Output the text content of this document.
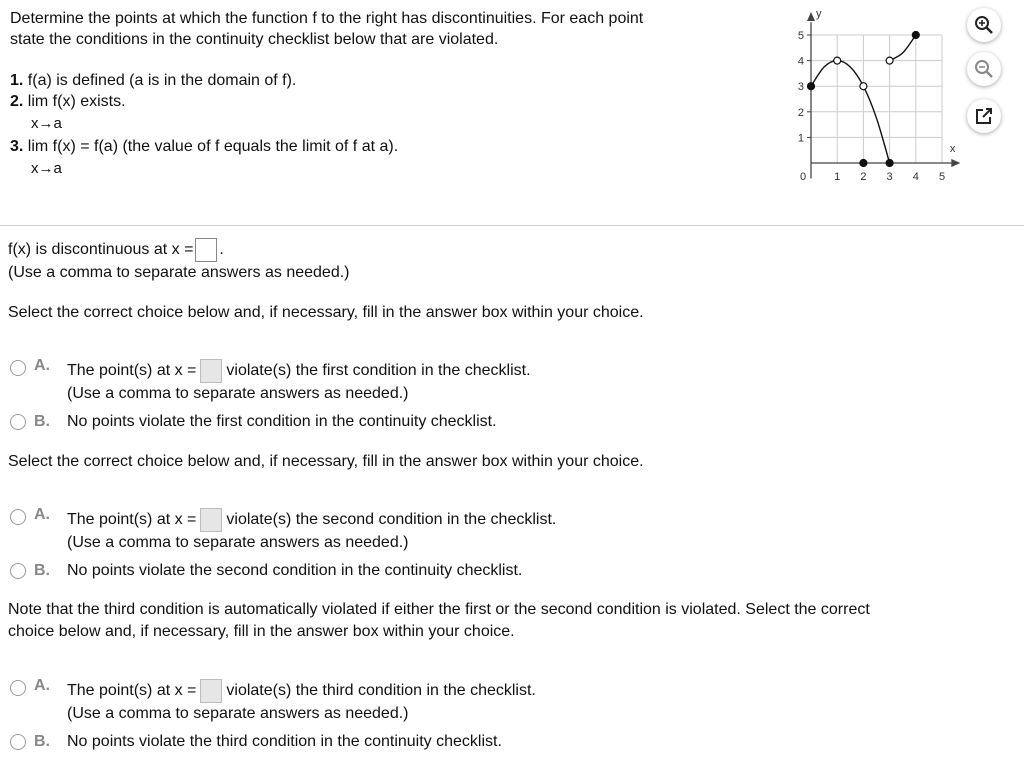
Determine the points at which the function f to the right has discontinuities. For each point
state the conditions in the continuity checklist below that are violated.
1. f(a) is defined (a is in the domain of f).
2. lim f(x) exists.
x→a
3. lim f(x) = f(a) (the value of f equals the limit of f at a).
x→a	1 2 3 4 5
1
2
3
4
5
0
x
y
f(x) is discontinuous at x = .
(Use a comma to separate answers as needed.)
Select the correct choice below and, if necessary, fill in the answer box within your choice.
Select the correct choice below and, if necessary, fill in the answer box within your choice.
Note that the third condition is automatically violated if either the first or the second condition is violated. Select the correct
choice below and, if necessary, fill in the answer box within your choice.
A. The point(s) at x = violate(s) the first condition in the checklist.
(Use a comma to separate answers as needed.)
B. No points violate the first condition in the continuity checklist.
A. The point(s) at x = violate(s) the second condition in the checklist.
(Use a comma to separate answers as needed.)
B. No points violate the second condition in the continuity checklist.
A. The point(s) at x = violate(s) the third condition in the checklist.
(Use a comma to separate answers as needed.)
B. No points violate the third condition in the continuity checklist.
